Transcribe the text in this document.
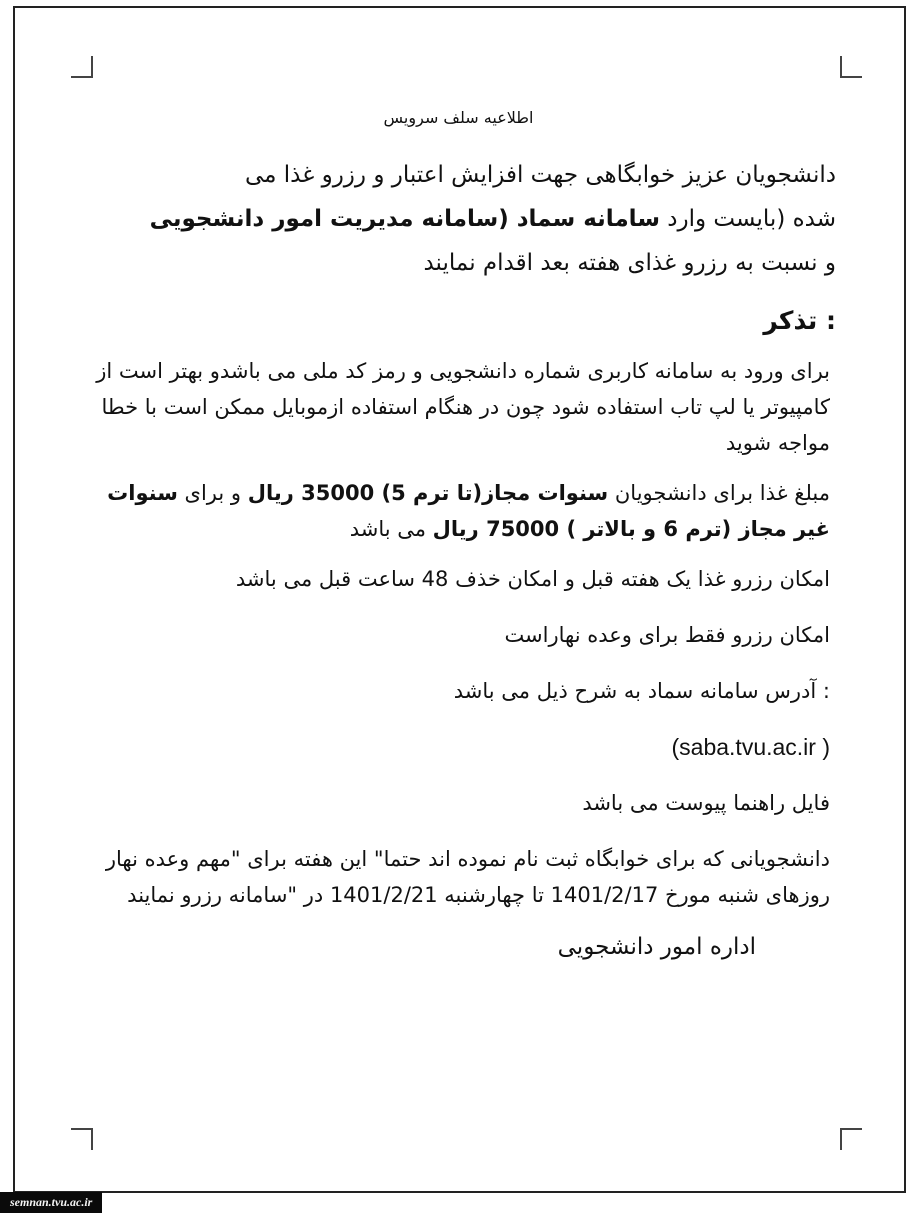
اطلاعیه سلف سرویس
دانشجویان عزیز خوابگاهی جهت افزایش اعتبار و رزرو غذا می
شده (بایست وارد سامانه سماد (سامانه مدیریت امور دانشجویی
و نسبت به رزرو غذای هفته بعد اقدام نمایند
: تذکر
برای ورود به سامانه کاربری شماره دانشجویی و رمز کد ملی می باشدو بهتر است از کامپیوتر یا لپ تاب استفاده شود چون در هنگام استفاده ازموبایل ممکن است با خطا مواجه شوید
مبلغ غذا برای دانشجویان سنوات مجاز(تا ترم 5) 35000 ریال و برای سنوات غیر مجاز (ترم 6 و بالاتر ) 75000 ریال می باشد
امکان رزرو غذا یک هفته قبل و امکان خذف 48 ساعت قبل می باشد
امکان رزرو فقط برای وعده نهاراست
: آدرس سامانه سماد به شرح ذیل می باشد
(saba.tvu.ac.ir )
فایل راهنما پیوست می باشد
دانشجویانی که برای خوابگاه ثبت نام نموده اند حتما" این هفته برای "مهم وعده نهار روزهای شنبه مورخ 1401/2/17 تا چهارشنبه 1401/2/21 در "سامانه رزرو نمایند
اداره امور دانشجویی
semnan.tvu.ac.ir
